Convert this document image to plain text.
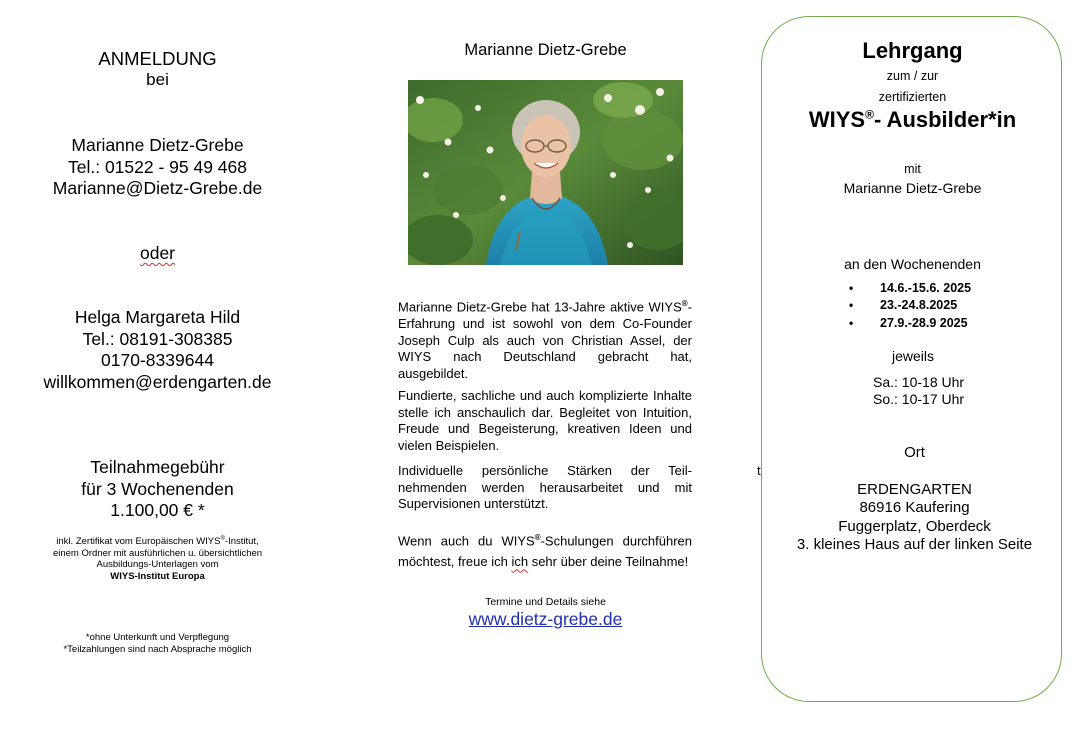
ANMELDUNG
bei
Marianne Dietz-Grebe
Tel.: 01522 - 95 49 468
Marianne@Dietz-Grebe.de
oder
Helga Margareta Hild
Tel.: 08191-308385
0170-8339644
willkommen@erdengarten.de
Teilnahmegebühr
für 3 Wochenenden
1.100,00 € *
inkl. Zertifikat vom Europäischen WIYS®-Institut,
einem Ordner mit ausführlichen u. übersichtlichen
Ausbildungs-Unterlagen vom
WIYS-Institut Europa
*ohne Unterkunft und Verpflegung
*Teilzahlungen sind nach Absprache möglich
Marianne Dietz-Grebe
Marianne Dietz-Grebe hat 13-Jahre aktive WIYS®-Erfahrung und ist sowohl von dem Co-Founder Joseph Culp als auch von Christian Assel, der WIYS nach Deutschland gebracht hat, ausgebildet.
Fundierte, sachliche und auch komplizierte Inhalte stelle ich anschaulich dar. Begleitet von Intuition, Freude und Begeisterung, kreativen Ideen und vielen Beispielen.
Individuelle persönliche Stärken der Teilnehmenden werden herausarbeitet und mit Supervisionen unterstützt.
Wenn auch du WIYS®-Schulungen durchführen möchtest, freue ich ich sehr über deine Teilnahme!
Termine und Details siehe
www.dietz-grebe.de
t
Lehrgang
zum / zur
zertifizierten
WIYS®- Ausbilder*in
mit
Marianne Dietz-Grebe
an den Wochenenden
• 14.6.-15.6. 2025
• 23.-24.8.2025
• 27.9.-28.9 2025
jeweils
Sa.: 10-18 Uhr
So.: 10-17 Uhr
Ort
ERDENGARTEN
86916 Kaufering
Fuggerplatz, Oberdeck
3. kleines Haus auf der linken Seite
